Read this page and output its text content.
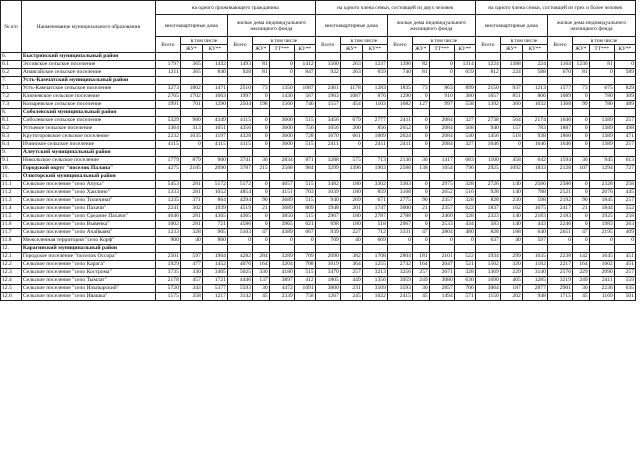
№ п/п	Наименование муниципального образования	на одного проживающего гражданина							на одного члена семьи, состоящей из двух человек							на одного члена семьи, состоящей из трех и более человек						
		многоквартирные дома			жилые дома индивидуального жилищного фонда				многоквартирные дома			жилые дома индивидуального жилищного фонда				многоквартирные дома			жилые дома индивидуального жилищного фонда			
		Всего	в том числе		Всего	в том числе			Всего	в том числе		Всего	в том числе			Всего	в том числе		Всего	в том числе		
			ЖУ*	КУ**		ЖУ*	ТТ***	КУ**		ЖУ*	КУ**		ЖУ*	ТТ***	КУ**		ЖУ*	КУ**		ЖУ*	ТТ***	КУ**
6.	Быстринский муниципальный район																					
6.1	Эссовское сельское поселение	1797	365	1432	1493	81	0	1412	1500	263	1237	1396	82	0	1314	1224	1388	224	1164	1236	81	0
6.2	Анавгайское сельское поселение	1211	365	846	928	81	0	847	922	263	659	740	81	0	659	812	224	588	670	81	0	589
7.	Усть-Камчатский муниципальный район																					
7.1	Усть-Камчатское сельское поселение	3273	1802	1471	2510	73	1350	1087	2461	1178	1283	1835	73	863	899	2150	937	1213	1577	73	675	829
7.2	Ключевское сельское поселение	2765	1702	1063	1997	0	1430	567	1963	1087	876	1290	0	910	380	1657	851	806	1089	0	780	309
7.3	Козыревское сельское поселение	1991	701	1290	2504	198	1560	746	1557	454	1103	1682	127	997	558	1392	360	1032	1368	99	780	489
8.	Соболевский муниципальный район																					
8.1	Соболевское сельское поселение	5329	980	4349	4115	0	3600	515	3456	679	2777	2411	0	2084	327	2738	564	2174	1646	0	1389	257
8.2	Устьевое сельское поселение	1364	313	1051	4356	0	3600	756	1056	200	856	2652	0	2084	568	940	157	783	1887	0	1389	498
8.3	Крутогоровское сельское поселение	2232	1035	1197	4328	0	3600	728	1670	661	1009	2624	0	2084	540	1456	518	938	1860	0	1389	471
8.4	Ичинское сельское поселение	4115	0	4115	4115	0	3600	515	2411	0	2411	2411	0	2084	327	1646	0	1646	1646	0	1389	257
9.	Алеутский муниципальный район																					
9.1	Никольское сельское поселение	1779	879	900	3741	36	2834	871	1288	575	713	2136	36	1417	683	1100	458	642	1594	36	945	613
10.	Городской округ "поселок Палана"	4275	2185	2090	3787	215	2588	984	3299	1396	1903	2588	138	1654	796	2925	1092	1833	2128	107	1294	727
11.	Олюторский муниципальный район																					
11.1	Сельское поселение "село Апука"	5453	281	5172	5172	0	4657	515	3482	180	3302	3303	0	2975	328	2726	140	2586	2586	0	2328	258
11.2	Сельское поселение "село Хаилино"	1333	281	1052	4854	0	4151	703	1039	180	859	3168	0	2652	516	928	140	788	2521	0	2076	445
11.3	Сельское поселение "село Тиличики"	1235	371	864	4294	90	3689	515	940	269	671	2775	90	2357	328	828	230	598	2192	90	1845	257
11.4	Сельское поселение "село Пахачи"	2241	302	1939	4519	21	3689	809	1948	201	1747	3000	21	2357	622	1837	162	1675	2417	21	1844	552
11.5	Сельское поселение "село Средние Пахачи"	4646	281	4365	4365	0	3850	515	2967	180	2787	2788	0	2460	328	2323	140	2183	2183	0	1925	258
11.6	Сельское поселение "село Вывенка"	1002	281	721	4586	0	3965	621	698	180	518	2967	0	2533	434	583	140	443	2246	0	1983	263
11.7	Сельское поселение "село Ачайваям"	1233	328	905	5103	47	4389	667	939	227	712	3331	47	2804	480	828	188	640	2651	47	2195	409
11.8	Межселенная территория "село Корф"	900	40	860	0	0	0	0	709	40	669	0	0	0	0	637	40	597	0	0	0	0
12.	Карагинский муниципальный район																					
12.1	Городское поселение "поселок Оссора"	2501	597	1904	4282	284	3289	709	2090	382	1708	2804	181	2101	522	1934	299	1635	2238	142	1645	451
12.2	Сельское поселение "село Карага"	1929	477	1452	4076	164	3204	708	1619	364	1255	2732	164	2047	521	1502	320	1182	2217	164	1602	451
12.3	Сельское поселение "село Кострома"	3735	330	3405	5025	330	4180	515	3470	257	3213	3256	257	2671	328	3369	229	3140	2576	229	2090	257
12.4	Сельское поселение "село Тымлат"	2178	457	1721	4446	137	3897	412	1805	449	1356	3959	249	3080	630	1690	405	1285	3219	249	2411	559
12.5	Сельское поселение "село Ильпырский"	5720	343	5377	5593	30	4472	1091	3800	231	3569	3593	30	2857	706	3064	187	2877	2901	30	2236	635
12.6	Сельское поселение "село Ивашка"	1575	358	1217	3142	45	2339	758	1267	245	1022	2415	45	1494	571	1150	202	948	1715	45	1169	501
